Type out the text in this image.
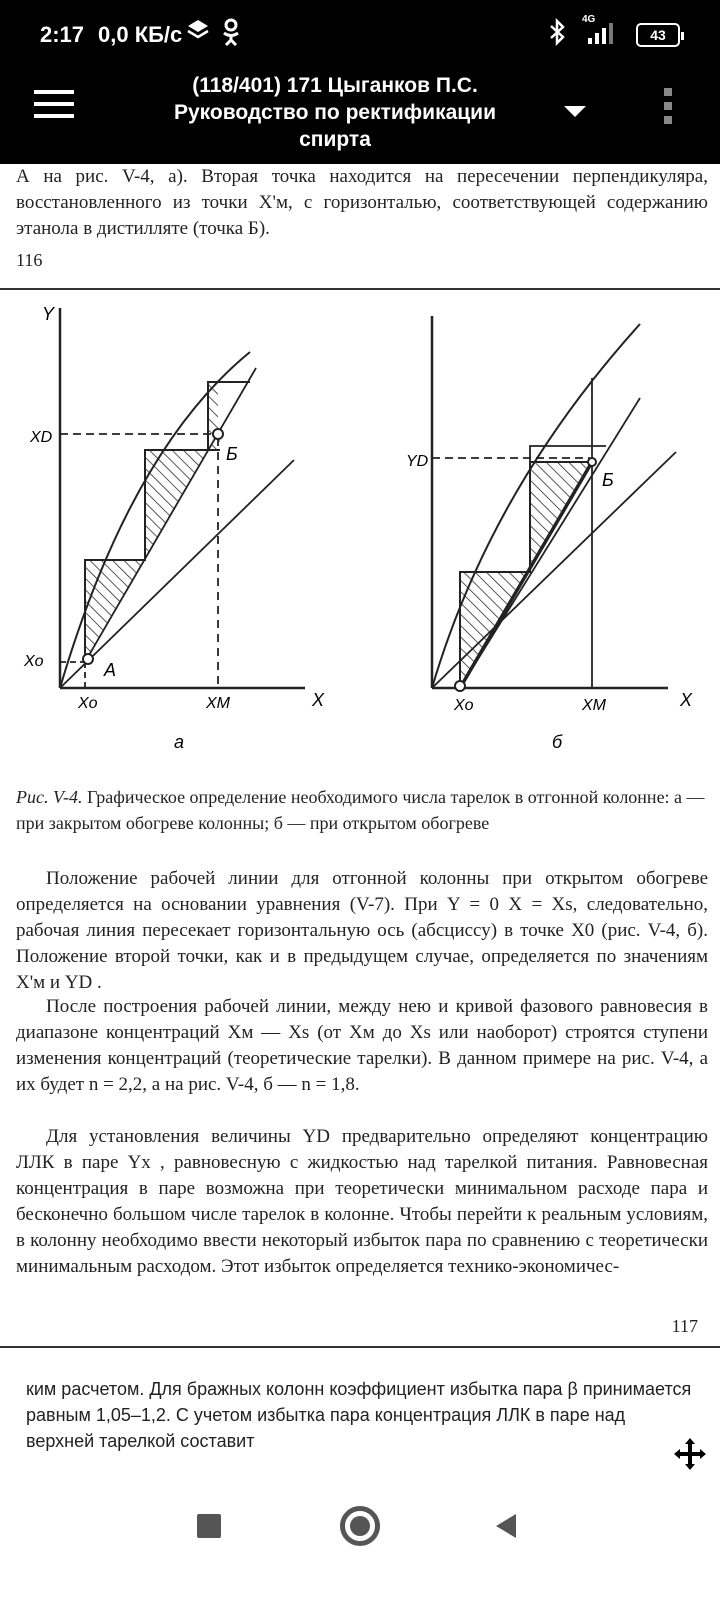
2:17 0,0 КБ/с
4G
43
(118/401) 171 Цыганков П.С.
Руководство по ректификации
спирта
А на рис. V-4, а). Вторая точка находится на пересечении перпендикуляра, восстановленного из точки X'м, с горизонталью, соответствующей содержанию этанола в дистилляте (точка Б).
116
Y
X
XD
Xo
Xo	XM
А
Б
а
X
YD
Xo	XM
Б
б
Рис. V-4. Графическое определение необходимого числа тарелок в отгонной колонне: а — при закрытом обогреве колонны; б — при открытом обогреве
Положение рабочей линии для отгонной колонны при открытом обогреве определяется на основании уравнения (V-7). При Y = 0 X = Xs, следовательно, рабочая линия пересекает горизонтальную ось (абсциссу) в точке X0 (рис. V-4, б). Положение второй точки, как и в предыдущем случае, определяется по значениям X'м и YD .
После построения рабочей линии, между нею и кривой фазового равновесия в диапазоне концентраций Xм — Xs (от Xм до Xs или наоборот) строятся ступени изменения концентраций (теоретические тарелки). В данном примере на рис. V-4, а их будет n = 2,2, а на рис. V-4, б — n = 1,8.
Для установления величины YD предварительно определяют концентрацию ЛЛК в паре Yx , равновесную с жидкостью над тарелкой питания. Равновесная концентрация в паре возможна при теоретически минимальном расходе пара и бесконечно большом числе тарелок в колонне. Чтобы перейти к реальным условиям, в колонну необходимо ввести некоторый избыток пара по сравнению с теоретически минимальным расходом. Этот избыток определяется технико-экономичес-
117
ким расчетом. Для бражных колонн коэффициент избытка пара β принимается равным 1,05–1,2. С учетом избытка пара концентрация ЛЛК в паре над верхней тарелкой составит
